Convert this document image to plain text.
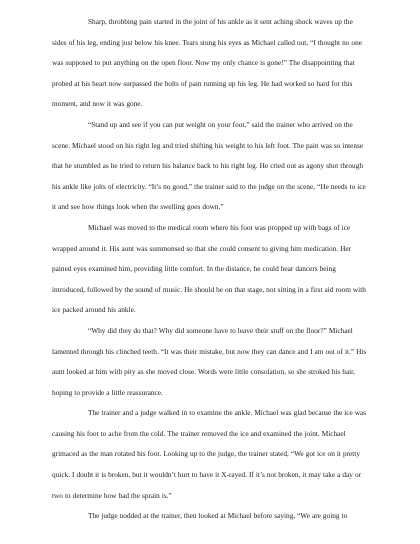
Sharp, throbbing pain started in the joint of his ankle as it sent aching shock waves up the sides of his leg, ending just below his knee. Tears stung his eyes as Michael called out, “I thought no one was supposed to put anything on the open floor. Now my only chance is gone!” The disappointing that probed at his heart now surpassed the bolts of pain running up his leg. He had worked so hard for this moment, and now it was gone.

“Stand up and see if you can put weight on your foot,” said the trainer who arrived on the scene. Michael stood on his right leg and tried shifting his weight to his left foot. The pain was so intense that he stumbled as he tried to return his balance back to his right leg. He cried out as agony shot through his ankle like jolts of electricity. “It’s no good,” the trainer said to the judge on the scene, “He needs to ice it and see how things look when the swelling goes down.”

Michael was moved to the medical room where his foot was propped up with bags of ice wrapped around it. His aunt was summonsed so that she could consent to giving him medication. Her pained eyes examined him, providing little comfort. In the distance, he could hear dancers being introduced, followed by the sound of music. He should be on that stage, not sitting in a first aid room with ice packed around his ankle.

“Why did they do that? Why did someone have to leave their stuff on the floor?” Michael lamented through his clinched teeth. “It was their mistake, but now they can dance and I am out of it.” His aunt looked at him with pity as she moved close. Words were little consolation, so she stroked his hair, hoping to provide a little reassurance.

The trainer and a judge walked in to examine the ankle. Michael was glad because the ice was causing his foot to ache from the cold. The trainer removed the ice and examined the joint. Michael grimaced as the man rotated his foot. Looking up to the judge, the trainer stated, “We got ice on it pretty quick. I doubt it is broken, but it wouldn’t hurt to have it X-rayed. If it’s not broken, it may take a day or two to determine how bad the sprain is.”

The judge nodded at the trainer, then looked at Michael before saying, “We are going to
